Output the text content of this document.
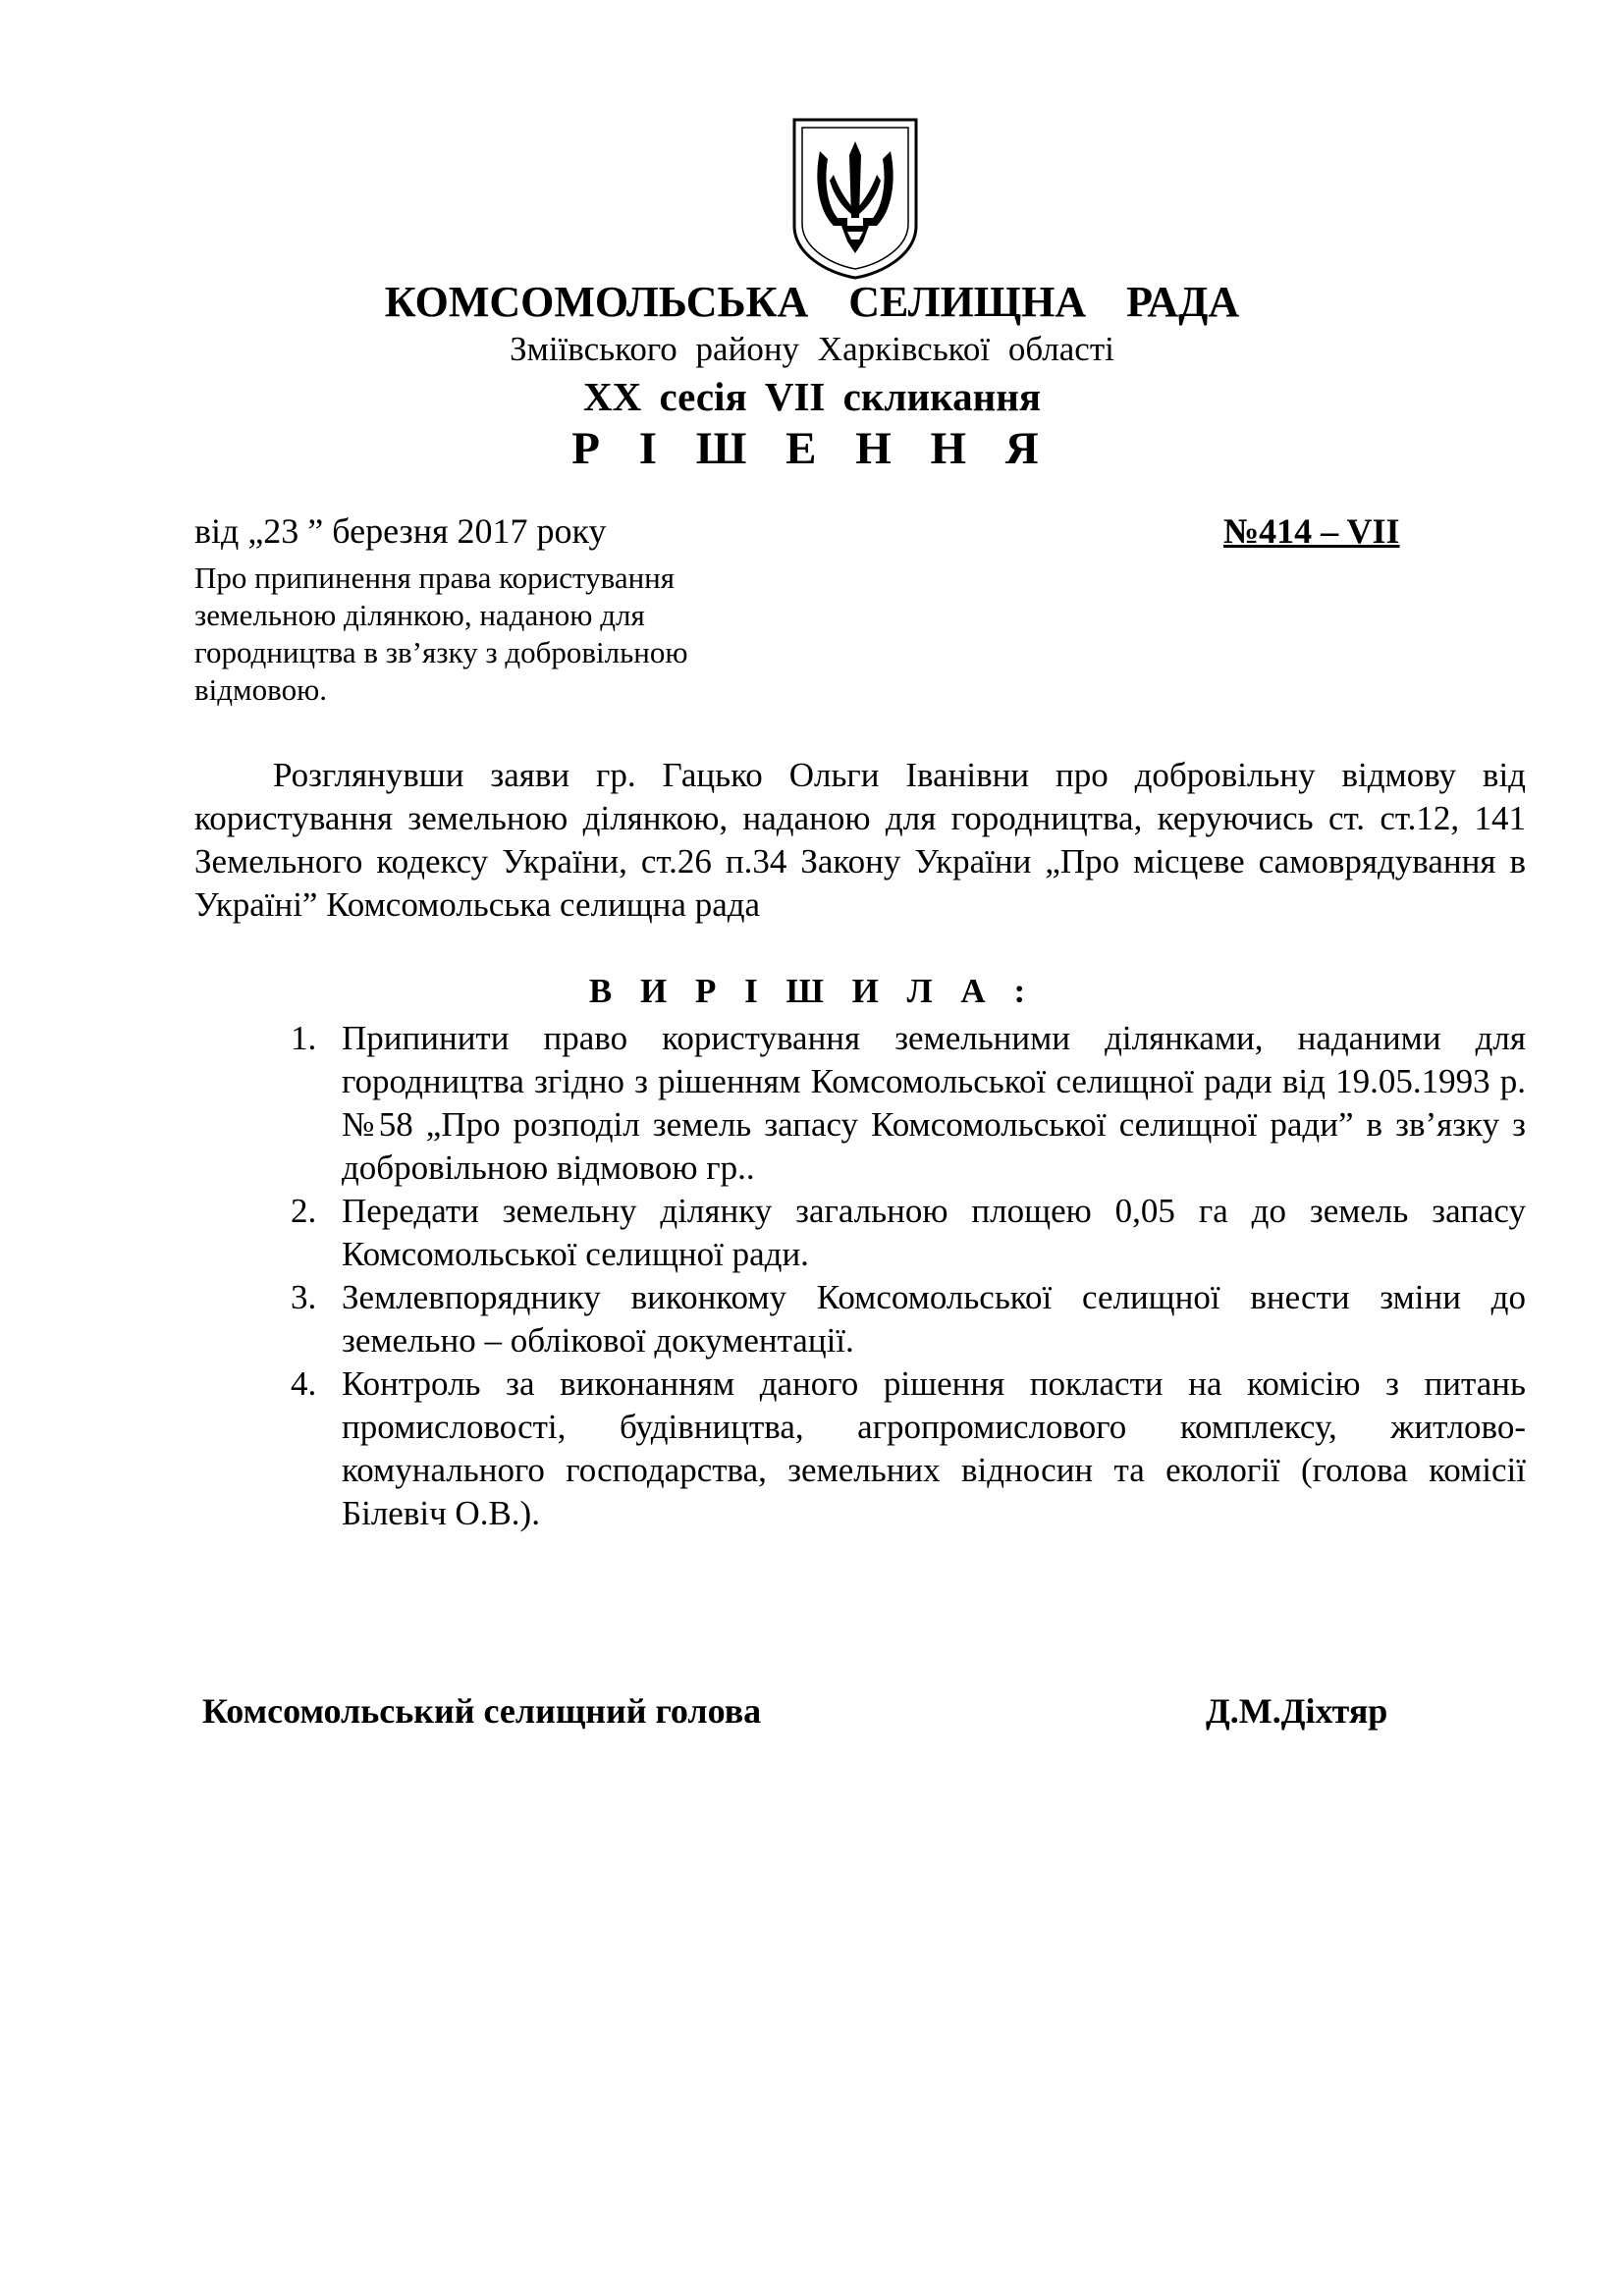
КОМСОМОЛЬСЬКА СЕЛИЩНА РАДА
Зміївського району Харківської області
XX сесія VII скликання
Р І Ш Е Н Н Я
від „23 ” березня 2017 року	№414 – VII
Про припинення права користування
земельною ділянкою, наданою для
городництва в зв’язку з добровільною
відмовою.
Розглянувши заяви гр. Гацько Ольги Іванівни про добровільну відмову від користування земельною ділянкою, наданою для городництва, керуючись ст. ст.12, 141 Земельного кодексу України, ст.26 п.34 Закону України „Про місцеве самоврядування в Україні” Комсомольська селищна рада
В И Р І Ш И Л А :
1. Припинити право користування земельними ділянками, наданими для городництва згідно з рішенням Комсомольської селищної ради від 19.05.1993 р. №58 „Про розподіл земель запасу Комсомольської селищної ради” в зв’язку з добровільною відмовою гр..
2. Передати земельну ділянку загальною площею 0,05 га до земель запасу Комсомольської селищної ради.
3. Землевпоряднику виконкому Комсомольської селищної внести зміни до земельно – облікової документації.
4. Контроль за виконанням даного рішення покласти на комісію з питань промисловості, будівництва, агропромислового комплексу, житлово-комунального господарства, земельних відносин та екології (голова комісії Білевіч О.В.).
Комсомольський селищний голова	Д.М.Діхтяр
